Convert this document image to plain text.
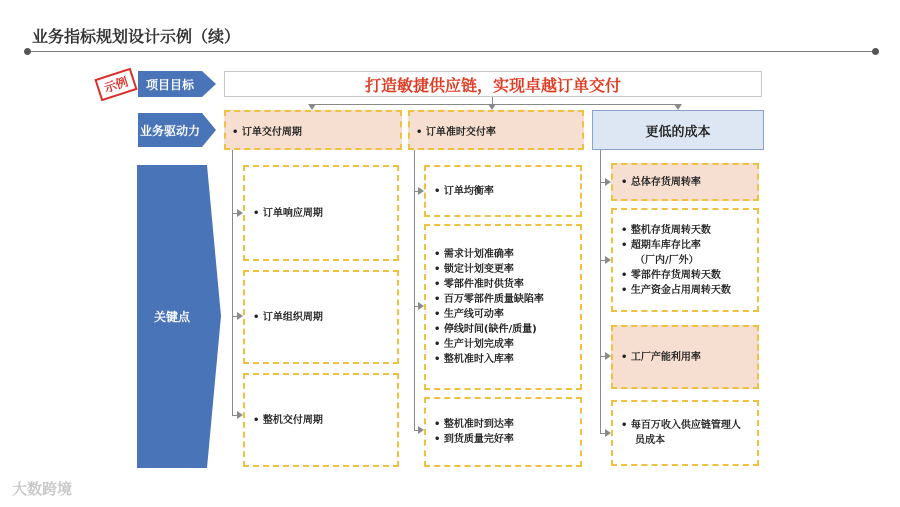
业务指标规划设计示例（续）
项目目标
业务驱动力
关键点
打造敏捷供应链，实现卓越订单交付
示例
• 订单交付周期	• 订单准时交付率	更低的成本
• 订单响应周期
• 订单组织周期
• 整机交付周期
• 订单均衡率
• 需求计划准确率
• 锁定计划变更率
• 零部件准时供货率
• 百万零部件质量缺陷率
• 生产线可动率
• 停线时间(缺件/质量)
• 生产计划完成率
• 整机准时入库率
• 整机准时到达率
• 到货质量完好率
• 总体存货周转率
• 整机存货周转天数
• 超期车库存比率
（厂内/厂外）
• 零部件存货周转天数
• 生产资金占用周转天数
• 工厂产能利用率
• 每百万收入供应链管理人
员成本
大数跨境
